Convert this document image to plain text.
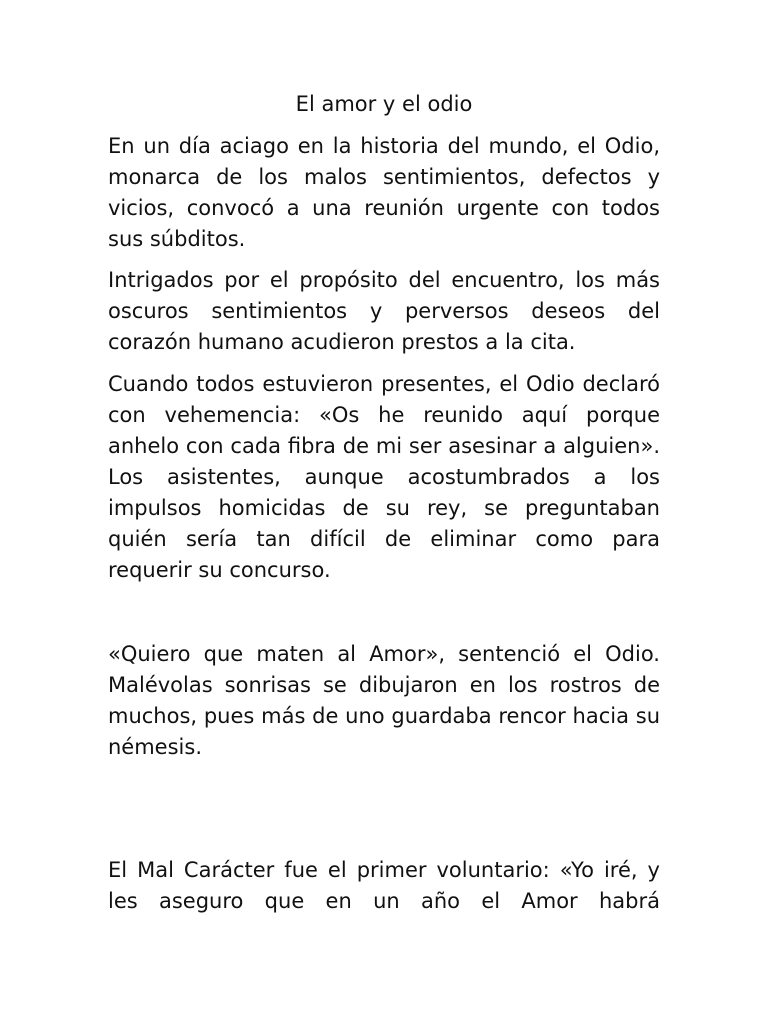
El amor y el odio

En un día aciago en la historia del mundo, el Odio, monarca de los malos sentimientos, defectos y vicios, convocó a una reunión urgente con todos sus súbditos.

Intrigados por el propósito del encuentro, los más oscuros sentimientos y perversos deseos del corazón humano acudieron prestos a la cita.

Cuando todos estuvieron presentes, el Odio declaró con vehemencia: «Os he reunido aquí porque anhelo con cada fibra de mi ser asesinar a alguien». Los asistentes, aunque acostumbrados a los impulsos homicidas de su rey, se preguntaban quién sería tan difícil de eliminar como para requerir su concurso.

«Quiero que maten al Amor», sentenció el Odio. Malévolas sonrisas se dibujaron en los rostros de muchos, pues más de uno guardaba rencor hacia su némesis.

El Mal Carácter fue el primer voluntario: «Yo iré, y les aseguro que en un año el Amor habrá
